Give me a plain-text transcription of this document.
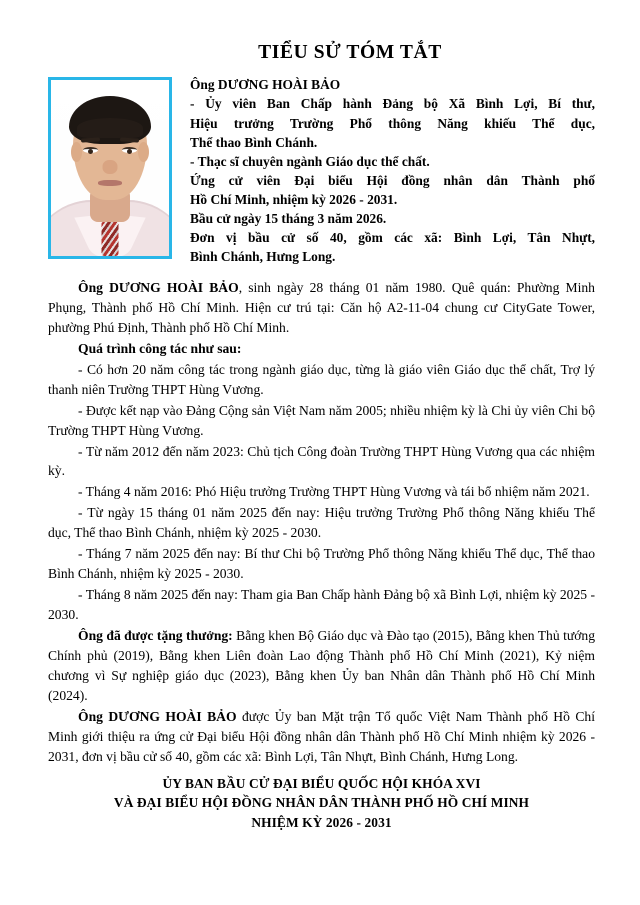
TIỂU SỬ TÓM TẮT
Ông DƯƠNG HOÀI BẢO
- Ủy viên Ban Chấp hành Đảng bộ Xã Bình Lợi, Bí thư,
Hiệu trưởng Trường Phổ thông Năng khiếu Thể dục,
Thể thao Bình Chánh.
- Thạc sĩ chuyên ngành Giáo dục thể chất.
Ứng cử viên Đại biểu Hội đồng nhân dân Thành phố
Hồ Chí Minh, nhiệm kỳ 2026 - 2031.
Bầu cử ngày 15 tháng 3 năm 2026.
Đơn vị bầu cử số 40, gồm các xã: Bình Lợi, Tân Nhựt,
Bình Chánh, Hưng Long.

Ông DƯƠNG HOÀI BẢO, sinh ngày 28 tháng 01 năm 1980. Quê quán: Phường Minh Phụng, Thành phố Hồ Chí Minh. Hiện cư trú tại: Căn hộ A2-11-04 chung cư CityGate Tower, phường Phú Định, Thành phố Hồ Chí Minh.

Quá trình công tác như sau:

- Có hơn 20 năm công tác trong ngành giáo dục, từng là giáo viên Giáo dục thể chất, Trợ lý thanh niên Trường THPT Hùng Vương.

- Được kết nạp vào Đảng Cộng sản Việt Nam năm 2005; nhiều nhiệm kỳ là Chi ủy viên Chi bộ Trường THPT Hùng Vương.

- Từ năm 2012 đến năm 2023: Chủ tịch Công đoàn Trường THPT Hùng Vương qua các nhiệm kỳ.

- Tháng 4 năm 2016: Phó Hiệu trưởng Trường THPT Hùng Vương và tái bổ nhiệm năm 2021.

- Từ ngày 15 tháng 01 năm 2025 đến nay: Hiệu trưởng Trường Phổ thông Năng khiếu Thể dục, Thể thao Bình Chánh, nhiệm kỳ 2025 - 2030.

- Tháng 7 năm 2025 đến nay: Bí thư Chi bộ Trường Phổ thông Năng khiếu Thể dục, Thể thao Bình Chánh, nhiệm kỳ 2025 - 2030.

- Tháng 8 năm 2025 đến nay: Tham gia Ban Chấp hành Đảng bộ xã Bình Lợi, nhiệm kỳ 2025 - 2030.

Ông đã được tặng thưởng: Bằng khen Bộ Giáo dục và Đào tạo (2015), Bằng khen Thủ tướng Chính phủ (2019), Bằng khen Liên đoàn Lao động Thành phố Hồ Chí Minh (2021), Kỷ niệm chương vì Sự nghiệp giáo dục (2023), Bằng khen Ủy ban Nhân dân Thành phố Hồ Chí Minh (2024).

Ông DƯƠNG HOÀI BẢO được Ủy ban Mặt trận Tổ quốc Việt Nam Thành phố Hồ Chí Minh giới thiệu ra ứng cử Đại biểu Hội đồng nhân dân Thành phố Hồ Chí Minh nhiệm kỳ 2026 - 2031, đơn vị bầu cử số 40, gồm các xã: Bình Lợi, Tân Nhựt, Bình Chánh, Hưng Long.

ỦY BAN BẦU CỬ ĐẠI BIỂU QUỐC HỘI KHÓA XVI
VÀ ĐẠI BIỂU HỘI ĐỒNG NHÂN DÂN THÀNH PHỐ HỒ CHÍ MINH
NHIỆM KỲ 2026 - 2031
